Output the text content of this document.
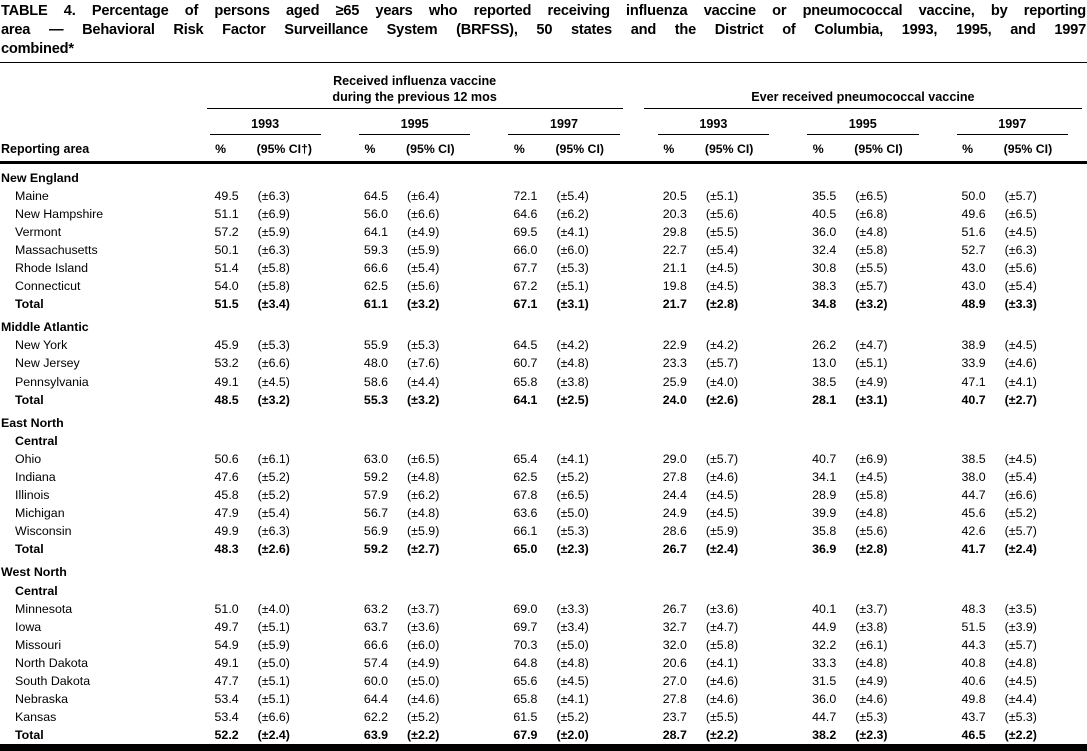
TABLE 4. Percentage of persons aged ≥65 years who reported receiving influenza vaccine or pneumococcal vaccine, by reporting
area — Behavioral Risk Factor Surveillance System (BRFSS), 50 states and the District of Columbia, 1993, 1995, and 1997
combined*
Reporting area	Received influenza vaccine
during the previous 12 mos						Ever received pneumococcal vaccine					

	1993		1995		1997		1993		1995		1997	

	%	(95% CI†)	%	(95% CI)	%	(95% CI)	%	(95% CI)	%	(95% CI)	%	(95% CI)
New England												
Maine	49.5	(±6.3)	64.5	(±6.4)	72.1	(±5.4)	20.5	(±5.1)	35.5	(±6.5)	50.0	(±5.7)
New Hampshire	51.1	(±6.9)	56.0	(±6.6)	64.6	(±6.2)	20.3	(±5.6)	40.5	(±6.8)	49.6	(±6.5)
Vermont	57.2	(±5.9)	64.1	(±4.9)	69.5	(±4.1)	29.8	(±5.5)	36.0	(±4.8)	51.6	(±4.5)
Massachusetts	50.1	(±6.3)	59.3	(±5.9)	66.0	(±6.0)	22.7	(±5.4)	32.4	(±5.8)	52.7	(±6.3)
Rhode Island	51.4	(±5.8)	66.6	(±5.4)	67.7	(±5.3)	21.1	(±4.5)	30.8	(±5.5)	43.0	(±5.6)
Connecticut	54.0	(±5.8)	62.5	(±5.6)	67.2	(±5.1)	19.8	(±4.5)	38.3	(±5.7)	43.0	(±5.4)
Total	51.5	(±3.4)	61.1	(±3.2)	67.1	(±3.1)	21.7	(±2.8)	34.8	(±3.2)	48.9	(±3.3)
Middle Atlantic												
New York	45.9	(±5.3)	55.9	(±5.3)	64.5	(±4.2)	22.9	(±4.2)	26.2	(±4.7)	38.9	(±4.5)
New Jersey	53.2	(±6.6)	48.0	(±7.6)	60.7	(±4.8)	23.3	(±5.7)	13.0	(±5.1)	33.9	(±4.6)
Pennsylvania	49.1	(±4.5)	58.6	(±4.4)	65.8	(±3.8)	25.9	(±4.0)	38.5	(±4.9)	47.1	(±4.1)
Total	48.5	(±3.2)	55.3	(±3.2)	64.1	(±2.5)	24.0	(±2.6)	28.1	(±3.1)	40.7	(±2.7)
East North												
Central												
Ohio	50.6	(±6.1)	63.0	(±6.5)	65.4	(±4.1)	29.0	(±5.7)	40.7	(±6.9)	38.5	(±4.5)
Indiana	47.6	(±5.2)	59.2	(±4.8)	62.5	(±5.2)	27.8	(±4.6)	34.1	(±4.5)	38.0	(±5.4)
Illinois	45.8	(±5.2)	57.9	(±6.2)	67.8	(±6.5)	24.4	(±4.5)	28.9	(±5.8)	44.7	(±6.6)
Michigan	47.9	(±5.4)	56.7	(±4.8)	63.6	(±5.0)	24.9	(±4.5)	39.9	(±4.8)	45.6	(±5.2)
Wisconsin	49.9	(±6.3)	56.9	(±5.9)	66.1	(±5.3)	28.6	(±5.9)	35.8	(±5.6)	42.6	(±5.7)
Total	48.3	(±2.6)	59.2	(±2.7)	65.0	(±2.3)	26.7	(±2.4)	36.9	(±2.8)	41.7	(±2.4)
West North												
Central												
Minnesota	51.0	(±4.0)	63.2	(±3.7)	69.0	(±3.3)	26.7	(±3.6)	40.1	(±3.7)	48.3	(±3.5)
Iowa	49.7	(±5.1)	63.7	(±3.6)	69.7	(±3.4)	32.7	(±4.7)	44.9	(±3.8)	51.5	(±3.9)
Missouri	54.9	(±5.9)	66.6	(±6.0)	70.3	(±5.0)	32.0	(±5.8)	32.2	(±6.1)	44.3	(±5.7)
North Dakota	49.1	(±5.0)	57.4	(±4.9)	64.8	(±4.8)	20.6	(±4.1)	33.3	(±4.8)	40.8	(±4.8)
South Dakota	47.7	(±5.1)	60.0	(±5.0)	65.6	(±4.5)	27.0	(±4.6)	31.5	(±4.9)	40.6	(±4.5)
Nebraska	53.4	(±5.1)	64.4	(±4.6)	65.8	(±4.1)	27.8	(±4.6)	36.0	(±4.6)	49.8	(±4.4)
Kansas	53.4	(±6.6)	62.2	(±5.2)	61.5	(±5.2)	23.7	(±5.5)	44.7	(±5.3)	43.7	(±5.3)
Total	52.2	(±2.4)	63.9	(±2.2)	67.9	(±2.0)	28.7	(±2.2)	38.2	(±2.3)	46.5	(±2.2)
